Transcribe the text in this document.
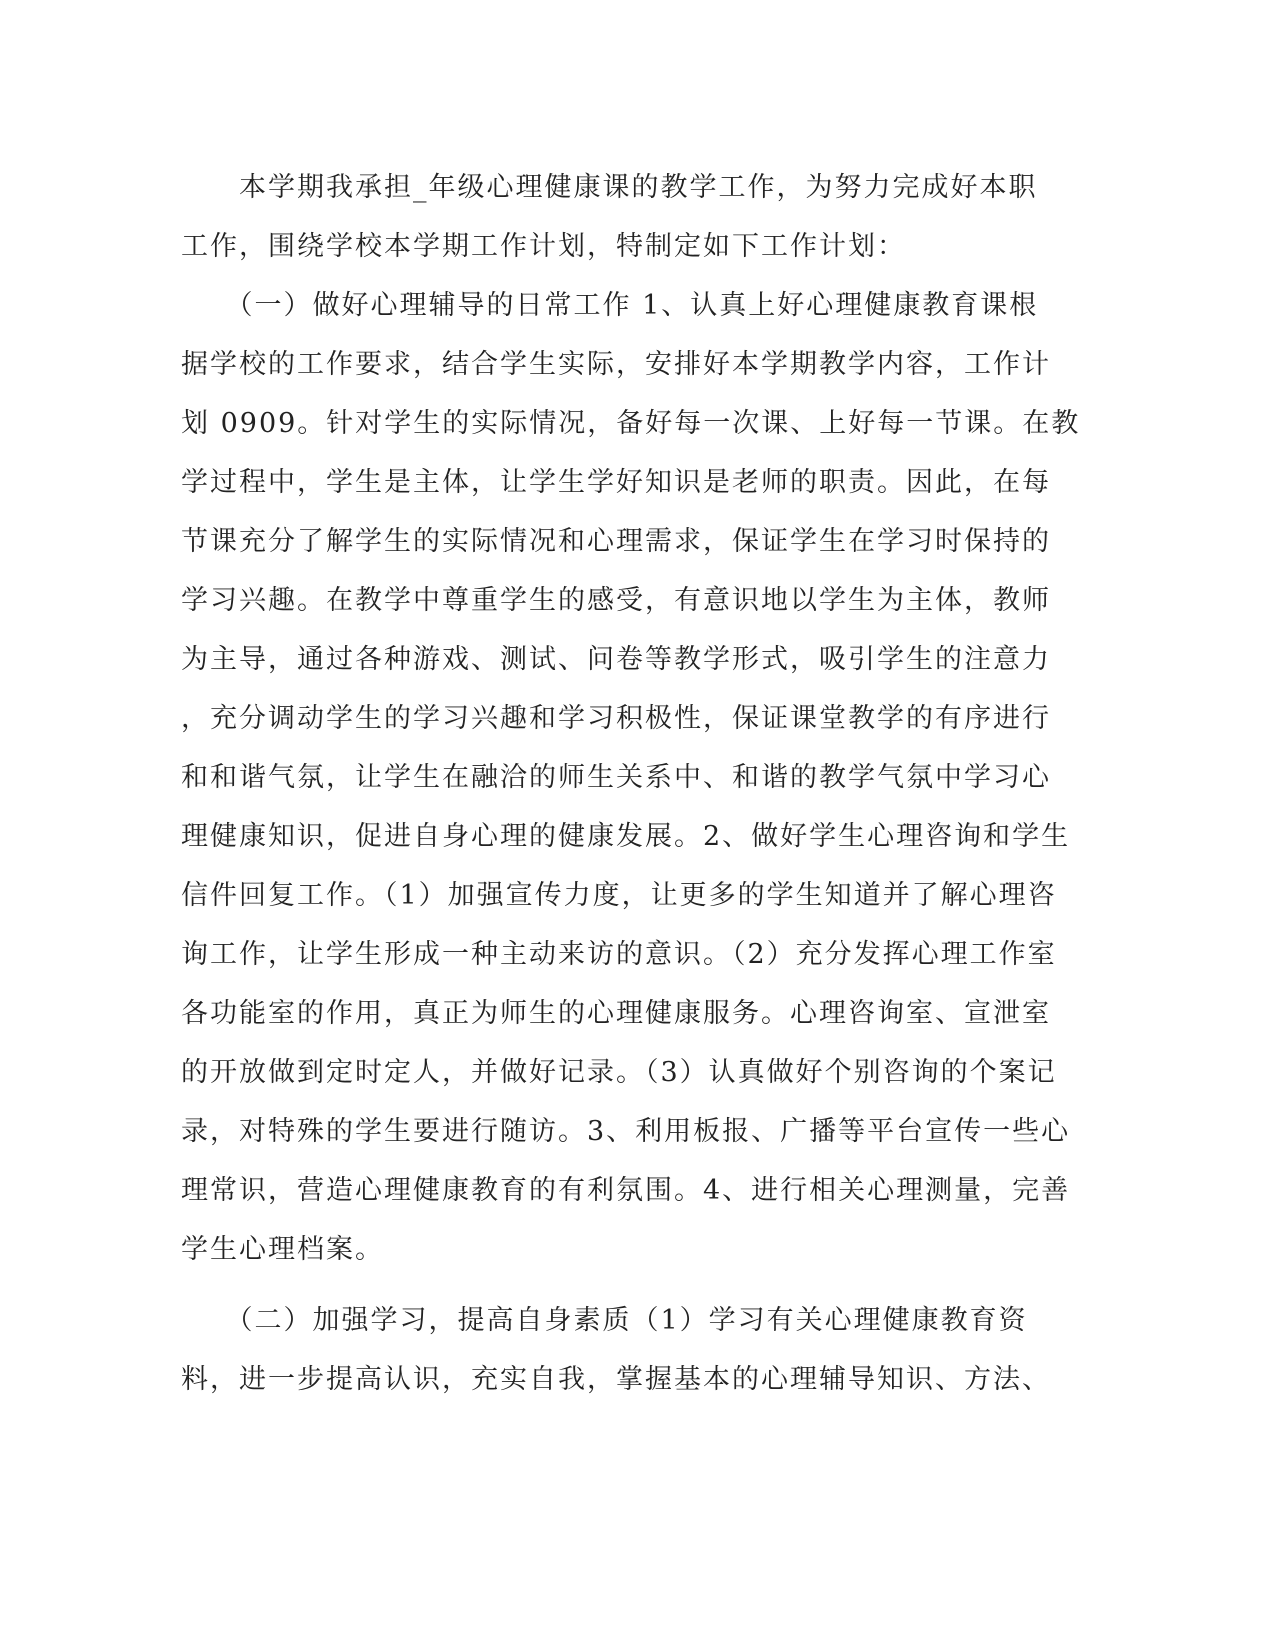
　　本学期我承担_年级心理健康课的教学工作，为努力完成好本职
工作，围绕学校本学期工作计划，特制定如下工作计划：
　　（一）做好心理辅导的日常工作 1、认真上好心理健康教育课根
据学校的工作要求，结合学生实际，安排好本学期教学内容，工作计
划 0909。针对学生的实际情况，备好每一次课、上好每一节课。在教
学过程中，学生是主体，让学生学好知识是老师的职责。因此，在每
节课充分了解学生的实际情况和心理需求，保证学生在学习时保持的
学习兴趣。在教学中尊重学生的感受，有意识地以学生为主体，教师
为主导，通过各种游戏、测试、问卷等教学形式，吸引学生的注意力
，充分调动学生的学习兴趣和学习积极性，保证课堂教学的有序进行
和和谐气氛，让学生在融洽的师生关系中、和谐的教学气氛中学习心
理健康知识，促进自身心理的健康发展。2、做好学生心理咨询和学生
信件回复工作。（1）加强宣传力度，让更多的学生知道并了解心理咨
询工作，让学生形成一种主动来访的意识。（2）充分发挥心理工作室
各功能室的作用，真正为师生的心理健康服务。心理咨询室、宣泄室
的开放做到定时定人，并做好记录。（3）认真做好个别咨询的个案记
录，对特殊的学生要进行随访。3、利用板报、广播等平台宣传一些心
理常识，营造心理健康教育的有利氛围。4、进行相关心理测量，完善
学生心理档案。
　　（二）加强学习，提高自身素质（1）学习有关心理健康教育资
料，进一步提高认识，充实自我，掌握基本的心理辅导知识、方法、
